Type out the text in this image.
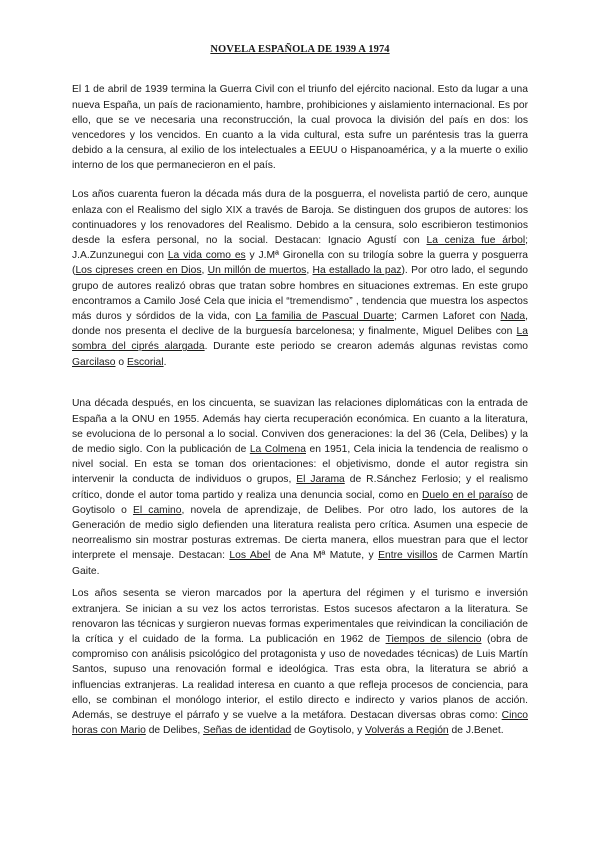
NOVELA ESPAÑOLA DE 1939 A 1974

El 1 de abril de 1939 termina la Guerra Civil con el triunfo del ejército nacional. Esto da lugar a una nueva España, un país de racionamiento, hambre, prohibiciones y aislamiento internacional. Es por ello, que se ve necesaria una reconstrucción, la cual provoca la división del país en dos: los vencedores y los vencidos. En cuanto a la vida cultural, esta sufre un paréntesis tras la guerra debido a la censura, al exilio de los intelectuales a EEUU o Hispanoamérica, y a la muerte o exilio interno de los que permanecieron en el país.

Los años cuarenta fueron la década más dura de la posguerra, el novelista partió de cero, aunque enlaza con el Realismo del siglo XIX a través de Baroja. Se distinguen dos grupos de autores: los continuadores y los renovadores del Realismo. Debido a la censura, solo escribieron testimonios desde la esfera personal, no la social. Destacan: Ignacio Agustí con La ceniza fue árbol; J.A.Zunzunegui con La vida como es y J.Mª Gironella con su trilogía sobre la guerra y posguerra (Los cipreses creen en Dios, Un millón de muertos, Ha estallado la paz). Por otro lado, el segundo grupo de autores realizó obras que tratan sobre hombres en situaciones extremas. En este grupo encontramos a Camilo José Cela que inicia el “tremendismo” , tendencia que muestra los aspectos más duros y sórdidos de la vida, con La familia de Pascual Duarte; Carmen Laforet con Nada, donde nos presenta el declive de la burguesía barcelonesa; y finalmente, Miguel Delibes con La sombra del ciprés alargada. Durante este periodo se crearon además algunas revistas como Garcilaso o Escorial.

Una década después, en los cincuenta, se suavizan las relaciones diplomáticas con la entrada de España a la ONU en 1955. Además hay cierta recuperación económica. En cuanto a la literatura, se evoluciona de lo personal a lo social. Conviven dos generaciones: la del 36 (Cela, Delibes) y la de medio siglo. Con la publicación de La Colmena en 1951, Cela inicia la tendencia de realismo o nivel social. En esta se toman dos orientaciones: el objetivismo, donde el autor registra sin intervenir la conducta de individuos o grupos, El Jarama de R.Sánchez Ferlosio; y el realismo crítico, donde el autor toma partido y realiza una denuncia social, como en Duelo en el paraíso de Goytisolo o El camino, novela de aprendizaje, de Delibes. Por otro lado, los autores de la Generación de medio siglo defienden una literatura realista pero crítica. Asumen una especie de neorrealismo sin mostrar posturas extremas. De cierta manera, ellos muestran para que el lector interprete el mensaje. Destacan: Los Abel de Ana Mª Matute, y Entre visillos de Carmen Martín Gaite.

Los años sesenta se vieron marcados por la apertura del régimen y el turismo e inversión extranjera. Se inician a su vez los actos terroristas. Estos sucesos afectaron a la literatura. Se renovaron las técnicas y surgieron nuevas formas experimentales que reivindican la conciliación de la crítica y el cuidado de la forma. La publicación en 1962 de Tiempos de silencio (obra de compromiso con análisis psicológico del protagonista y uso de novedades técnicas) de Luis Martín Santos, supuso una renovación formal e ideológica. Tras esta obra, la literatura se abrió a influencias extranjeras. La realidad interesa en cuanto a que refleja procesos de conciencia, para ello, se combinan el monólogo interior, el estilo directo e indirecto y varios planos de acción. Además, se destruye el párrafo y se vuelve a la metáfora. Destacan diversas obras como: Cinco horas con Mario de Delibes, Señas de identidad de Goytisolo, y Volverás a Región de J.Benet.
